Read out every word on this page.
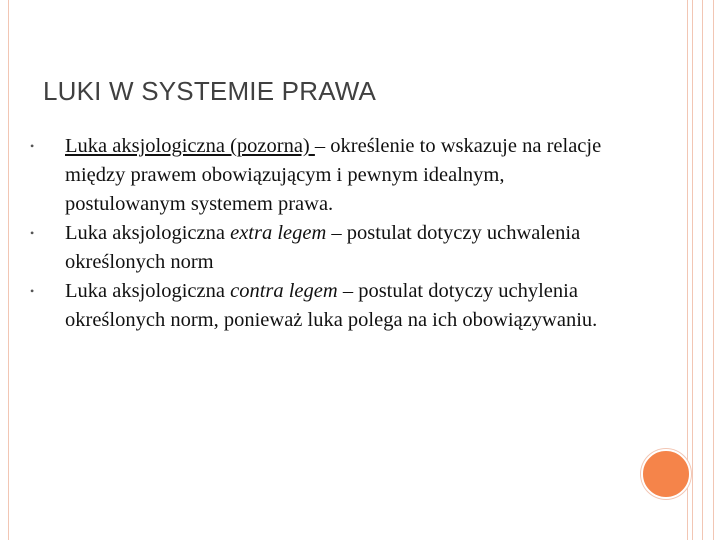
LUKI W SYSTEMIE PRAWA
•	Luka aksjologiczna (pozorna) – określenie to wskazuje na relacje między prawem obowiązującym i pewnym idealnym, postulowanym systemem prawa.
•	Luka aksjologiczna extra legem – postulat dotyczy uchwalenia określonych norm
•	Luka aksjologiczna contra legem – postulat dotyczy uchylenia określonych norm, ponieważ luka polega na ich obowiązywaniu.
